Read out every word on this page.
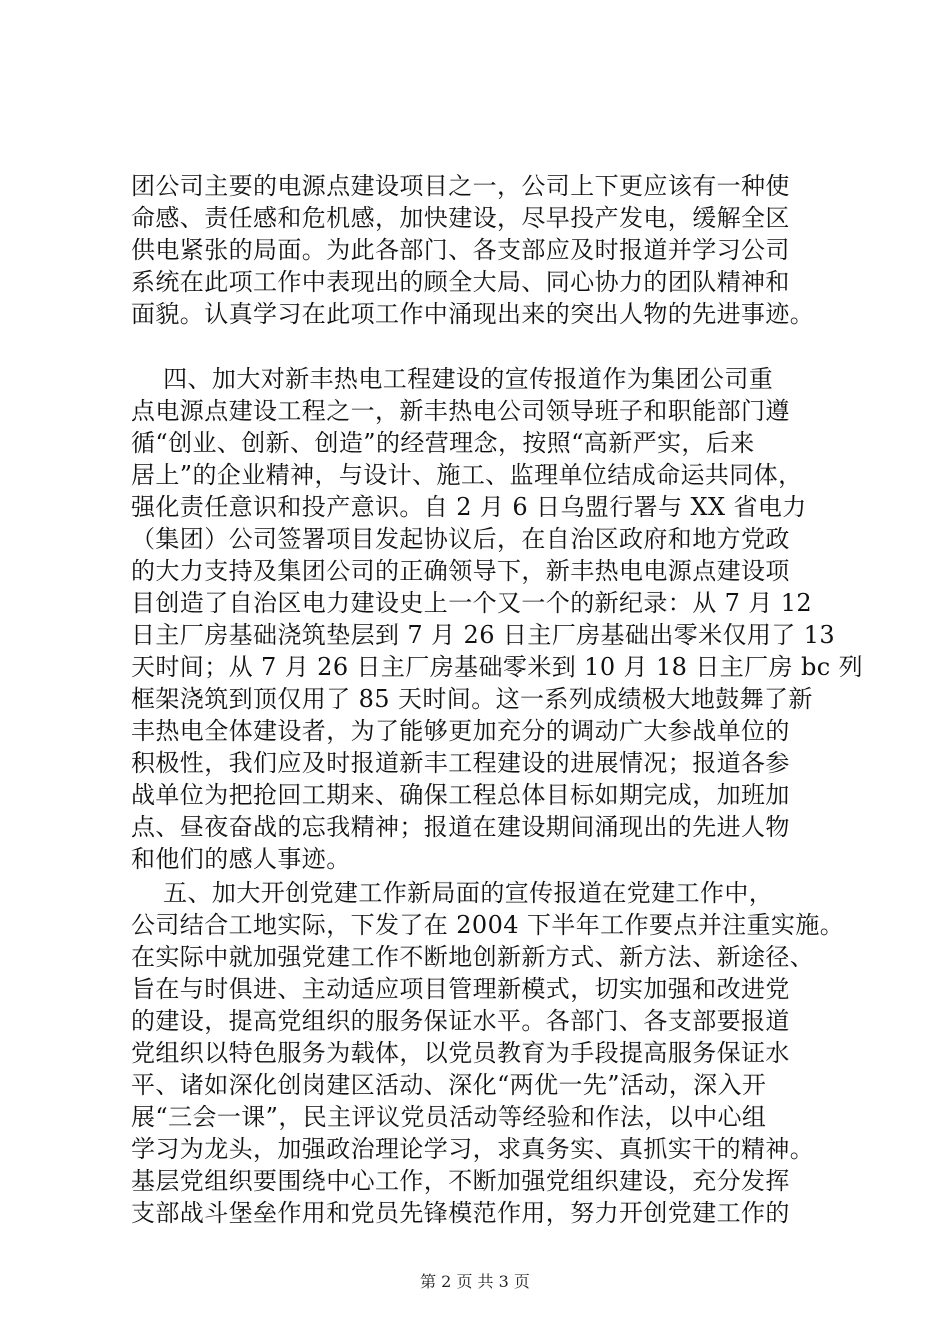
团公司主要的电源点建设项目之一，公司上下更应该有一种使
命感、责任感和危机感，加快建设，尽早投产发电，缓解全区
供电紧张的局面。为此各部门、各支部应及时报道并学习公司
系统在此项工作中表现出的顾全大局、同心协力的团队精神和
面貌。认真学习在此项工作中涌现出来的突出人物的先进事迹。
四、加大对新丰热电工程建设的宣传报道作为集团公司重
点电源点建设工程之一，新丰热电公司领导班子和职能部门遵
循“创业、创新、创造”的经营理念，按照“高新严实，后来
居上”的企业精神，与设计、施工、监理单位结成命运共同体，
强化责任意识和投产意识。自 2 月 6 日乌盟行署与 XX 省电力
（集团）公司签署项目发起协议后，在自治区政府和地方党政
的大力支持及集团公司的正确领导下，新丰热电电源点建设项
目创造了自治区电力建设史上一个又一个的新纪录：从 7 月 12
日主厂房基础浇筑垫层到 7 月 26 日主厂房基础出零米仅用了 13
天时间；从 7 月 26 日主厂房基础零米到 10 月 18 日主厂房 bc 列
框架浇筑到顶仅用了 85 天时间。这一系列成绩极大地鼓舞了新
丰热电全体建设者，为了能够更加充分的调动广大参战单位的
积极性，我们应及时报道新丰工程建设的进展情况；报道各参
战单位为把抢回工期来、确保工程总体目标如期完成，加班加
点、昼夜奋战的忘我精神；报道在建设期间涌现出的先进人物
和他们的感人事迹。
五、加大开创党建工作新局面的宣传报道在党建工作中，
公司结合工地实际，下发了在 2004 下半年工作要点并注重实施。
在实际中就加强党建工作不断地创新新方式、新方法、新途径、
旨在与时俱进、主动适应项目管理新模式，切实加强和改进党
的建设，提高党组织的服务保证水平。各部门、各支部要报道
党组织以特色服务为载体，以党员教育为手段提高服务保证水
平、诸如深化创岗建区活动、深化“两优一先”活动，深入开
展“三会一课”，民主评议党员活动等经验和作法，以中心组
学习为龙头，加强政治理论学习，求真务实、真抓实干的精神。
基层党组织要围绕中心工作，不断加强党组织建设，充分发挥
支部战斗堡垒作用和党员先锋模范作用，努力开创党建工作的
第 2 页 共 3 页
